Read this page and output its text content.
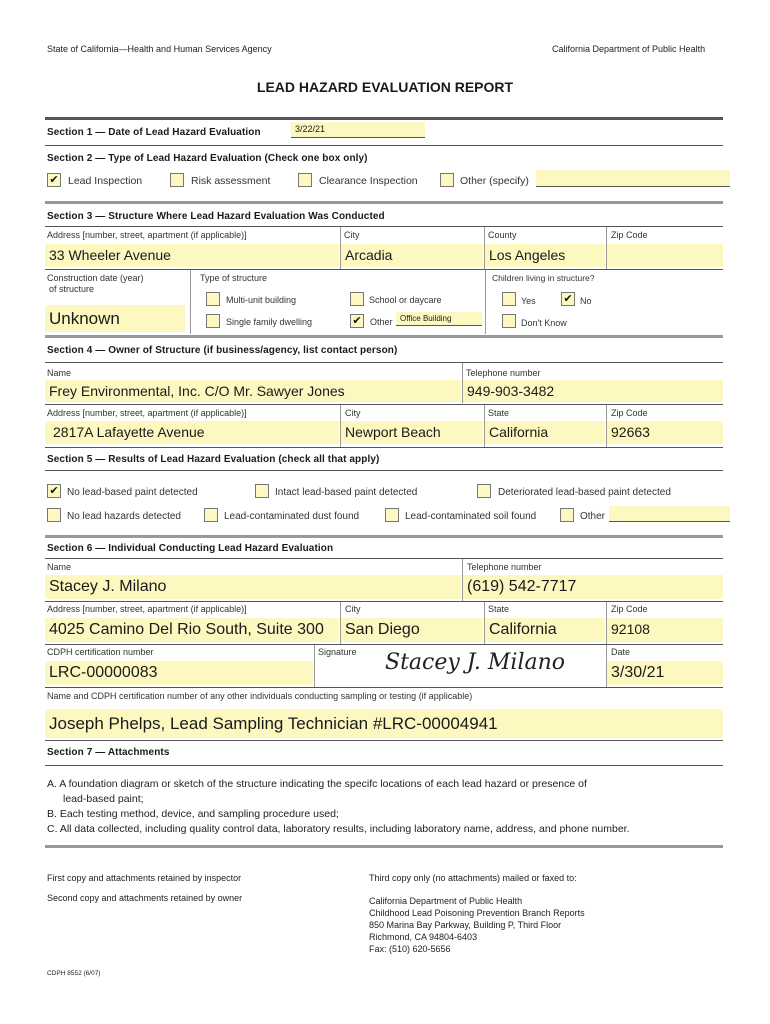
State of California—Health and Human Services Agency	California Department of Public Health
LEAD HAZARD EVALUATION REPORT
Section 1 — Date of Lead Hazard Evaluation	3/22/21
Section 2 — Type of Lead Hazard Evaluation (Check one box only)
✔ Lead Inspection	Risk assessment	Clearance Inspection	Other (specify)
Section 3 — Structure Where Lead Hazard Evaluation Was Conducted
Address [number, street, apartment (if applicable)]	City	County	Zip Code
33 Wheeler Avenue	Arcadia	Los Angeles
Construction date (year)
of structure
Unknown
Type of structure
Multi-unit building	School or daycare
Single family dwelling	✔ Other Office Building
Children living in structure?
Yes	✔ No
Don't Know
Section 4 — Owner of Structure (if business/agency, list contact person)
Name	Telephone number
Frey Environmental, Inc. C/O Mr. Sawyer Jones	949-903-3482
Address [number, street, apartment (if applicable)]	City	State	Zip Code
2817A Lafayette Avenue	Newport Beach	California	92663
Section 5 — Results of Lead Hazard Evaluation (check all that apply)
✔ No lead-based paint detected	Intact lead-based paint detected	Deteriorated lead-based paint detected
No lead hazards detected	Lead-contaminated dust found	Lead-contaminated soil found	Other
Section 6 — Individual Conducting Lead Hazard Evaluation
Name	Telephone number
Stacey J. Milano	(619) 542-7717
Address [number, street, apartment (if applicable)]	City	State	Zip Code
4025 Camino Del Rio South, Suite 300	San Diego	California	92108
CDPH certification number	Signature	Date
LRC-00000083	Stacey J. Milano	3/30/21
Name and CDPH certification number of any other individuals conducting sampling or testing (if applicable)
Joseph Phelps, Lead Sampling Technician #LRC-00004941
Section 7 — Attachments
A. A foundation diagram or sketch of the structure indicating the specifc locations of each lead hazard or presence of
lead-based paint;
B. Each testing method, device, and sampling procedure used;
C. All data collected, including quality control data, laboratory results, including laboratory name, address, and phone number.
First copy and attachments retained by inspector
Second copy and attachments retained by owner
Third copy only (no attachments) mailed or faxed to:
California Department of Public Health
Childhood Lead Poisoning Prevention Branch Reports
850 Marina Bay Parkway, Building P, Third Floor
Richmond, CA 94804-6403
Fax: (510) 620-5656
CDPH 8552 (6/07)
